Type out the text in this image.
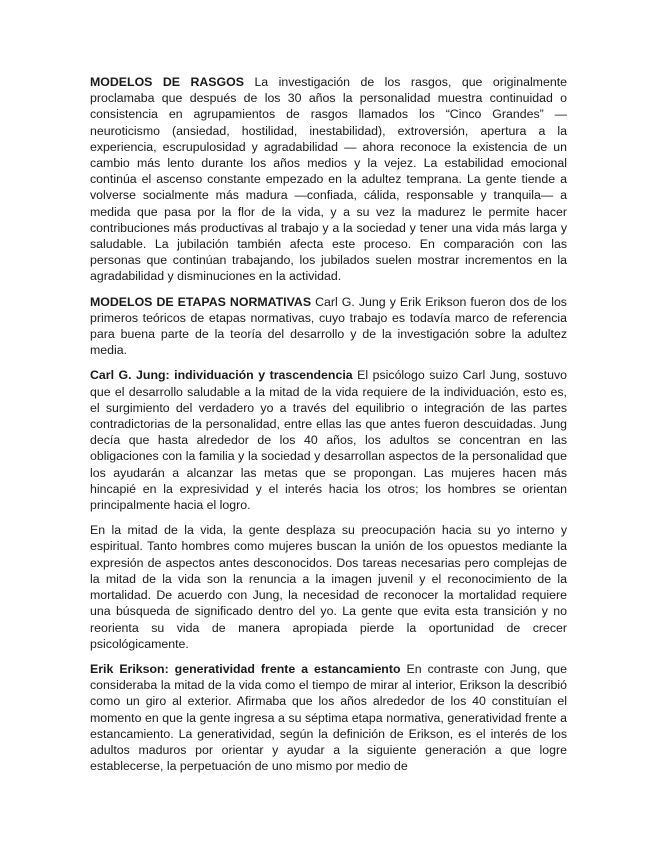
MODELOS DE RASGOS La investigación de los rasgos, que originalmente proclamaba que después de los 30 años la personalidad muestra continuidad o consistencia en agrupamientos de rasgos llamados los “Cinco Grandes” —neuroticismo (ansiedad, hostilidad, inestabilidad), extroversión, apertura a la experiencia, escrupulosidad y agradabilidad — ahora reconoce la existencia de un cambio más lento durante los años medios y la vejez. La estabilidad emocional continúa el ascenso constante empezado en la adultez temprana. La gente tiende a volverse socialmente más madura —confiada, cálida, responsable y tranquila— a medida que pasa por la flor de la vida, y a su vez la madurez le permite hacer contribuciones más productivas al trabajo y a la sociedad y tener una vida más larga y saludable. La jubilación también afecta este proceso. En comparación con las personas que continúan trabajando, los jubilados suelen mostrar incrementos en la agradabilidad y disminuciones en la actividad.

MODELOS DE ETAPAS NORMATIVAS Carl G. Jung y Erik Erikson fueron dos de los primeros teóricos de etapas normativas, cuyo trabajo es todavía marco de referencia para buena parte de la teoría del desarrollo y de la investigación sobre la adultez media.

Carl G. Jung: individuación y trascendencia El psicólogo suizo Carl Jung, sostuvo que el desarrollo saludable a la mitad de la vida requiere de la individuación, esto es, el surgimiento del verdadero yo a través del equilibrio o integración de las partes contradictorias de la personalidad, entre ellas las que antes fueron descuidadas. Jung decía que hasta alrededor de los 40 años, los adultos se concentran en las obligaciones con la familia y la sociedad y desarrollan aspectos de la personalidad que los ayudarán a alcanzar las metas que se propongan. Las mujeres hacen más hincapié en la expresividad y el interés hacia los otros; los hombres se orientan principalmente hacia el logro.

En la mitad de la vida, la gente desplaza su preocupación hacia su yo interno y espiritual. Tanto hombres como mujeres buscan la unión de los opuestos mediante la expresión de aspectos antes desconocidos. Dos tareas necesarias pero complejas de la mitad de la vida son la renuncia a la imagen juvenil y el reconocimiento de la mortalidad. De acuerdo con Jung, la necesidad de reconocer la mortalidad requiere una búsqueda de significado dentro del yo. La gente que evita esta transición y no reorienta su vida de manera apropiada pierde la oportunidad de crecer psicológicamente.

Erik Erikson: generatividad frente a estancamiento En contraste con Jung, que consideraba la mitad de la vida como el tiempo de mirar al interior, Erikson la describió como un giro al exterior. Afirmaba que los años alrededor de los 40 constituían el momento en que la gente ingresa a su séptima etapa normativa, generatividad frente a estancamiento. La generatividad, según la definición de Erikson, es el interés de los adultos maduros por orientar y ayudar a la siguiente generación a que logre establecerse, la perpetuación de uno mismo por medio de
